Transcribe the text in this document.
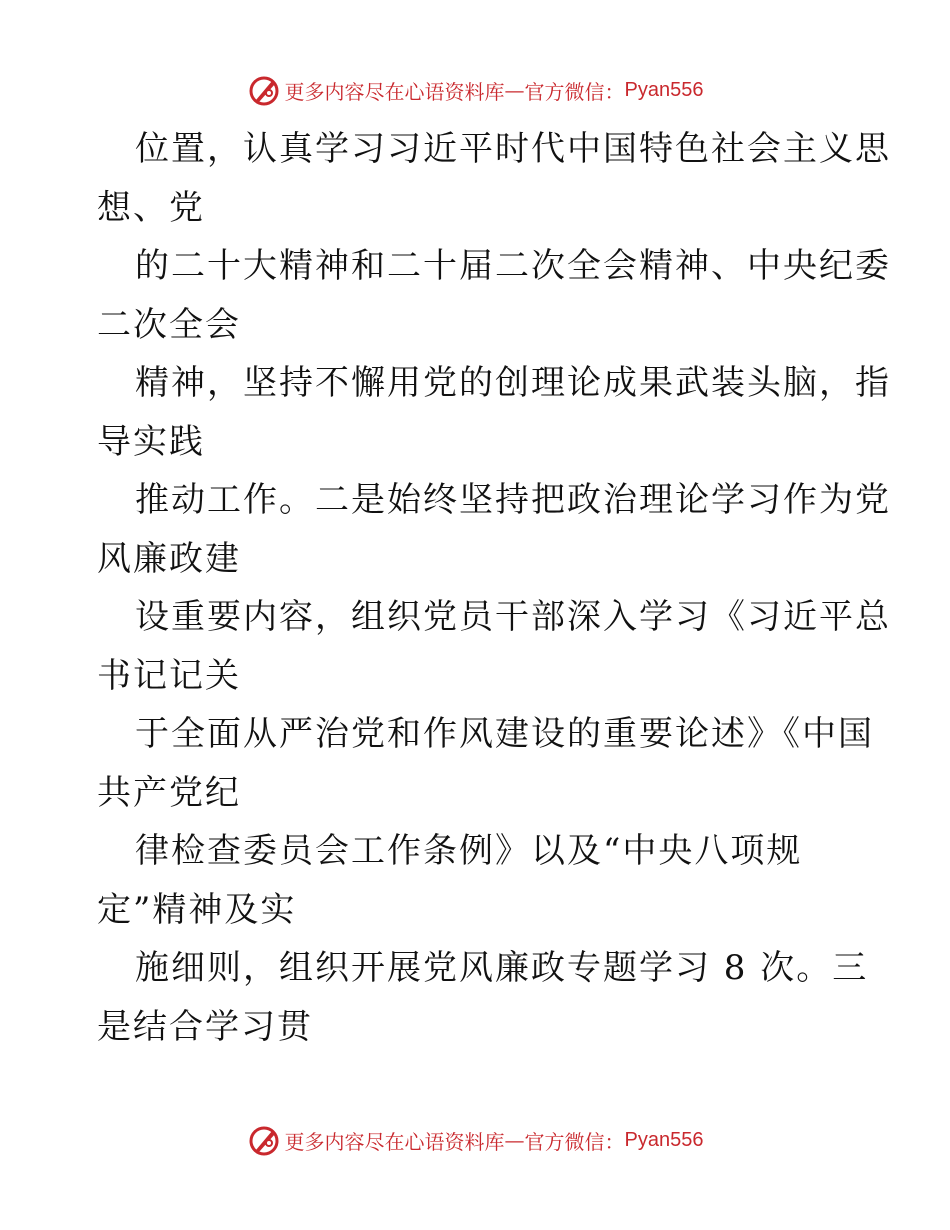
更多内容尽在心语资料库 — 官方微信： Pyan556
位置，认真学习习近平时代中国特色社会主义思
想、党
的二十大精神和二十届二次全会精神、中央纪委
二次全会
精神，坚持不懈用党的创理论成果武装头脑，指
导实践
推动工作。二是始终坚持把政治理论学习作为党
风廉政建
设重要内容，组织党员干部深入学习《习近平总
书记记关
于全面从严治党和作风建设的重要论述》《中国
共产党纪
律检查委员会工作条例》以及“中央八项规
定”精神及实
施细则，组织开展党风廉政专题学习 8 次。三
是结合学习贯
更多内容尽在心语资料库 — 官方微信： Pyan556
